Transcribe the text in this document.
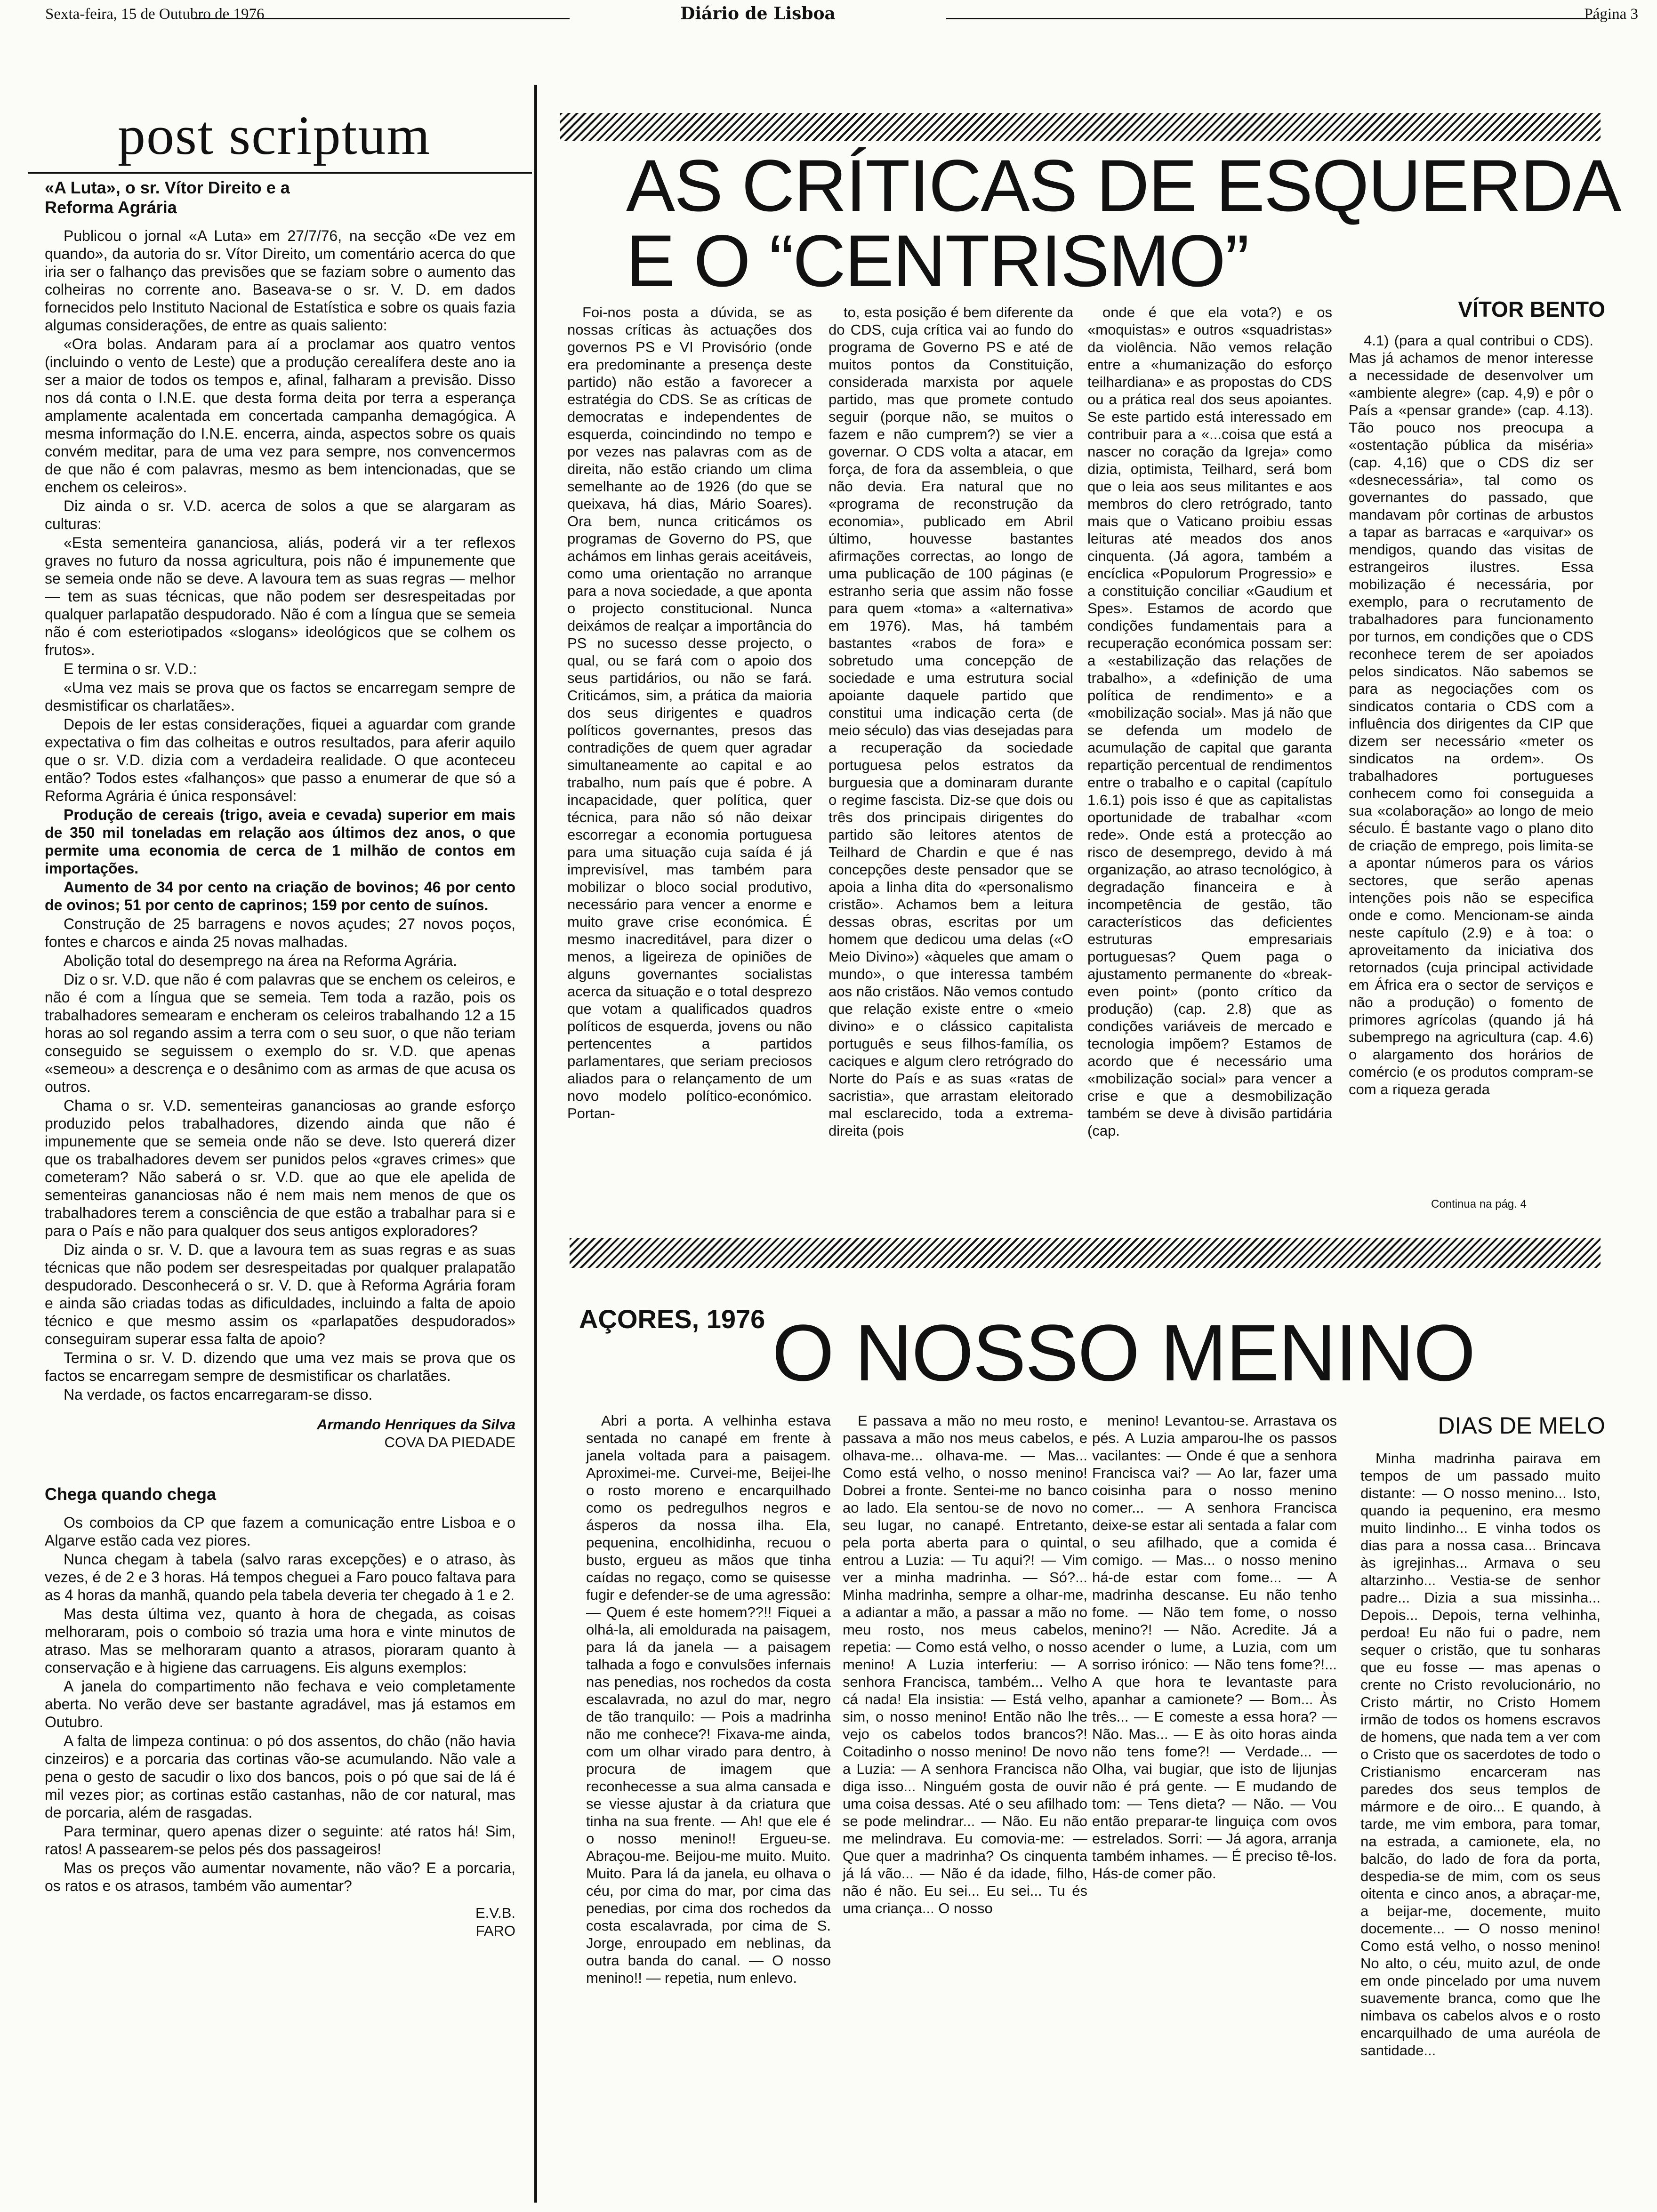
Sexta-feira, 15 de Outubro de 1976	Diário de Lisboa	Página 3
post scriptum
«A Luta», o sr. Vítor Direito e a Reforma Agrária

Publicou o jornal «A Luta» em 27/7/76, na secção «De vez em quando», da autoria do sr. Vítor Direito, um comentário acerca do que iria ser o falhanço das previsões que se faziam sobre o aumento das colheiras no corrente ano. Baseava-se o sr. V. D. em dados fornecidos pelo Instituto Nacional de Estatística e sobre os quais fazia algumas considerações, de entre as quais saliento:

«Ora bolas. Andaram para aí a proclamar aos quatro ventos (incluindo o vento de Leste) que a produção cerealífera deste ano ia ser a maior de todos os tempos e, afinal, falharam a previsão. Disso nos dá conta o I.N.E. que desta forma deita por terra a esperança amplamente acalentada em concertada campanha demagógica. A mesma informação do I.N.E. encerra, ainda, aspectos sobre os quais convém meditar, para de uma vez para sempre, nos convencermos de que não é com palavras, mesmo as bem intencionadas, que se enchem os celeiros».

Diz ainda o sr. V.D. acerca de solos a que se alargaram as culturas:

«Esta sementeira gananciosa, aliás, poderá vir a ter reflexos graves no futuro da nossa agricultura, pois não é impunemente que se semeia onde não se deve. A lavoura tem as suas regras — melhor — tem as suas técnicas, que não podem ser desrespeitadas por qualquer parlapatão despudorado. Não é com a língua que se semeia não é com esteriotipados «slogans» ideológicos que se colhem os frutos».

E termina o sr. V.D.:

«Uma vez mais se prova que os factos se encarregam sempre de desmistificar os charlatães».

Depois de ler estas considerações, fiquei a aguardar com grande expectativa o fim das colheitas e outros resultados, para aferir aquilo que o sr. V.D. dizia com a verdadeira realidade. O que aconteceu então? Todos estes «falhanços» que passo a enumerar de que só a Reforma Agrária é única responsável:

Produção de cereais (trigo, aveia e cevada) superior em mais de 350 mil toneladas em relação aos últimos dez anos, o que permite uma economia de cerca de 1 milhão de contos em importações.

Aumento de 34 por cento na criação de bovinos; 46 por cento de ovinos; 51 por cento de caprinos; 159 por cento de suínos.

Construção de 25 barragens e novos açudes; 27 novos poços, fontes e charcos e ainda 25 novas malhadas.

Abolição total do desemprego na área na Reforma Agrária.

Diz o sr. V.D. que não é com palavras que se enchem os celeiros, e não é com a língua que se semeia. Tem toda a razão, pois os trabalhadores semearam e encheram os celeiros trabalhando 12 a 15 horas ao sol regando assim a terra com o seu suor, o que não teriam conseguido se seguissem o exemplo do sr. V.D. que apenas «semeou» a descrença e o desânimo com as armas de que acusa os outros.

Chama o sr. V.D. sementeiras gananciosas ao grande esforço produzido pelos trabalhadores, dizendo ainda que não é impunemente que se semeia onde não se deve. Isto quererá dizer que os trabalhadores devem ser punidos pelos «graves crimes» que cometeram? Não saberá o sr. V.D. que ao que ele apelida de sementeiras gananciosas não é nem mais nem menos de que os trabalhadores terem a consciência de que estão a trabalhar para si e para o País e não para qualquer dos seus antigos exploradores?

Diz ainda o sr. V. D. que a lavoura tem as suas regras e as suas técnicas que não podem ser desrespeitadas por qualquer pralapatão despudorado. Desconhecerá o sr. V. D. que à Reforma Agrária foram e ainda são criadas todas as dificuldades, incluindo a falta de apoio técnico e que mesmo assim os «parlapatões despudorados» conseguiram superar essa falta de apoio?

Termina o sr. V. D. dizendo que uma vez mais se prova que os factos se encarregam sempre de desmistificar os charlatães.

Na verdade, os factos encarregaram-se disso.

Armando Henriques da Silva
COVA DA PIEDADE
Chega quando chega

Os comboios da CP que fazem a comunicação entre Lisboa e o Algarve estão cada vez piores.

Nunca chegam à tabela (salvo raras excepções) e o atraso, às vezes, é de 2 e 3 horas. Há tempos cheguei a Faro pouco faltava para as 4 horas da manhã, quando pela tabela deveria ter chegado à 1 e 2.

Mas desta última vez, quanto à hora de chegada, as coisas melhoraram, pois o comboio só trazia uma hora e vinte minutos de atraso. Mas se melhoraram quanto a atrasos, pioraram quanto à conservação e à higiene das carruagens. Eis alguns exemplos:

A janela do compartimento não fechava e veio completamente aberta. No verão deve ser bastante agradável, mas já estamos em Outubro.

A falta de limpeza continua: o pó dos assentos, do chão (não havia cinzeiros) e a porcaria das cortinas vão-se acumulando. Não vale a pena o gesto de sacudir o lixo dos bancos, pois o pó que sai de lá é mil vezes pior; as cortinas estão castanhas, não de cor natural, mas de porcaria, além de rasgadas.

Para terminar, quero apenas dizer o seguinte: até ratos há! Sim, ratos! A passearem-se pelos pés dos passageiros!

Mas os preços vão aumentar novamente, não vão? E a porcaria, os ratos e os atrasos, também vão aumentar?

E.V.B.
FARO
AS CRÍTICAS DE ESQUERDA
E O “CENTRISMO”
VÍTOR BENTO

Foi-nos posta a dúvida, se as nossas críticas às actuações dos governos PS e VI Provisório (onde era predominante a presença deste partido) não estão a favorecer a estratégia do CDS. Se as críticas de democratas e independentes de esquerda, coincindindo no tempo e por vezes nas palavras com as de direita, não estão criando um clima semelhante ao de 1926 (do que se queixava, há dias, Mário Soares). Ora bem, nunca criticámos os programas de Governo do PS, que achámos em linhas gerais aceitáveis, como uma orientação no arranque para a nova sociedade, a que aponta o projecto constitucional. Nunca deixámos de realçar a importância do PS no sucesso desse projecto, o qual, ou se fará com o apoio dos seus partidários, ou não se fará. Criticámos, sim, a prática da maioria dos seus dirigentes e quadros políticos governantes, presos das contradições de quem quer agradar simultaneamente ao capital e ao trabalho, num país que é pobre. A incapacidade, quer política, quer técnica, para não só não deixar escorregar a economia portuguesa para uma situação cuja saída é já imprevisível, mas também para mobilizar o bloco social produtivo, necessário para vencer a enorme e muito grave crise económica. É mesmo inacreditável, para dizer o menos, a ligeireza de opiniões de alguns governantes socialistas acerca da situação e o total desprezo que votam a qualificados quadros políticos de esquerda, jovens ou não pertencentes a partidos parlamentares, que seriam preciosos aliados para o relançamento de um novo modelo político-económico. Portan-

to, esta posição é bem diferente da do CDS, cuja crítica vai ao fundo do programa de Governo PS e até de muitos pontos da Constituição, considerada marxista por aquele partido, mas que promete contudo seguir (porque não, se muitos o fazem e não cumprem?) se vier a governar. O CDS volta a atacar, em força, de fora da assembleia, o que não devia. Era natural que no «programa de reconstrução da economia», publicado em Abril último, houvesse bastantes afirmações correctas, ao longo de uma publicação de 100 páginas (e estranho seria que assim não fosse para quem «toma» a «alternativa» em 1976). Mas, há também bastantes «rabos de fora» e sobretudo uma concepção de sociedade e uma estrutura social apoiante daquele partido que constitui uma indicação certa (de meio século) das vias desejadas para a recuperação da sociedade portuguesa pelos estratos da burguesia que a dominaram durante o regime fascista. Diz-se que dois ou três dos principais dirigentes do partido são leitores atentos de Teilhard de Chardin e que é nas concepções deste pensador que se apoia a linha dita do «personalismo cristão». Achamos bem a leitura dessas obras, escritas por um homem que dedicou uma delas («O Meio Divino») «àqueles que amam o mundo», o que interessa também aos não cristãos. Não vemos contudo que relação existe entre o «meio divino» e o clássico capitalista português e seus filhos-família, os caciques e algum clero retrógrado do Norte do País e as suas «ratas de sacristia», que arrastam eleitorado mal esclarecido, toda a extrema-direita (pois

onde é que ela vota?) e os «moquistas» e outros «squadristas» da violência. Não vemos relação entre a «humanização do esforço teilhardiana» e as propostas do CDS ou a prática real dos seus apoiantes. Se este partido está interessado em contribuir para a «...coisa que está a nascer no coração da Igreja» como dizia, optimista, Teilhard, será bom que o leia aos seus militantes e aos membros do clero retrógrado, tanto mais que o Vaticano proibiu essas leituras até meados dos anos cinquenta. (Já agora, também a encíclica «Populorum Progressio» e a constituição conciliar «Gaudium et Spes». Estamos de acordo que condições fundamentais para a recuperação económica possam ser: a «estabilização das relações de trabalho», a «definição de uma política de rendimento» e a «mobilização social». Mas já não que se defenda um modelo de acumulação de capital que garanta repartição percentual de rendimentos entre o trabalho e o capital (capítulo 1.6.1) pois isso é que as capitalistas oportunidade de trabalhar «com rede». Onde está a protecção ao risco de desemprego, devido à má organização, ao atraso tecnológico, à degradação financeira e à incompetência de gestão, tão característicos das deficientes estruturas empresariais portuguesas? Quem paga o ajustamento permanente do «break-even point» (ponto crítico da produção) (cap. 2.8) que as condições variáveis de mercado e tecnologia impõem? Estamos de acordo que é necessário uma «mobilização social» para vencer a crise e que a desmobilização também se deve à divisão partidária (cap.

4.1) (para a qual contribui o CDS). Mas já achamos de menor interesse a necessidade de desenvolver um «ambiente alegre» (cap. 4,9) e pôr o País a «pensar grande» (cap. 4.13). Tão pouco nos preocupa a «ostentação pública da miséria» (cap. 4,16) que o CDS diz ser «desnecessária», tal como os governantes do passado, que mandavam pôr cortinas de arbustos a tapar as barracas e «arquivar» os mendigos, quando das visitas de estrangeiros ilustres. Essa mobilização é necessária, por exemplo, para o recrutamento de trabalhadores para funcionamento por turnos, em condições que o CDS reconhece terem de ser apoiados pelos sindicatos. Não sabemos se para as negociações com os sindicatos contaria o CDS com a influência dos dirigentes da CIP que dizem ser necessário «meter os sindicatos na ordem». Os trabalhadores portugueses conhecem como foi conseguida a sua «colaboração» ao longo de meio século. É bastante vago o plano dito de criação de emprego, pois limita-se a apontar números para os vários sectores, que serão apenas intenções pois não se especifica onde e como. Mencionam-se ainda neste capítulo (2.9) e à toa: o aproveitamento da iniciativa dos retornados (cuja principal actividade em África era o sector de serviços e não a produção) o fomento de primores agrícolas (quando já há subemprego na agricultura (cap. 4.6) o alargamento dos horários de comércio (e os produtos compram-se com a riqueza gerada

Continua na pág. 4
AÇORES, 1976 O NOSSO MENINO
DIAS DE MELO

Abri a porta. A velhinha estava sentada no canapé em frente à janela voltada para a paisagem. Aproximei-me. Curvei-me, Beijei-lhe o rosto moreno e encarquilhado como os pedregulhos negros e ásperos da nossa ilha. Ela, pequenina, encolhidinha, recuou o busto, ergueu as mãos que tinha caídas no regaço, como se quisesse fugir e defender-se de uma agressão: — Quem é este homem??!! Fiquei a olhá-la, ali emoldurada na paisagem, para lá da janela — a paisagem talhada a fogo e convulsões infernais nas penedias, nos rochedos da costa escalavrada, no azul do mar, negro de tão tranquilo: — Pois a madrinha não me conhece?! Fixava-me ainda, com um olhar virado para dentro, à procura de imagem que reconhecesse a sua alma cansada e se viesse ajustar à da criatura que tinha na sua frente. — Ah! que ele é o nosso menino!! Ergueu-se. Abraçou-me. Beijou-me muito. Muito. Muito. Para lá da janela, eu olhava o céu, por cima do mar, por cima das penedias, por cima dos rochedos da costa escalavrada, por cima de S. Jorge, enroupado em neblinas, da outra banda do canal. — O nosso menino!! — repetia, num enlevo.

E passava a mão no meu rosto, e passava a mão nos meus cabelos, e olhava-me... olhava-me. — Mas... Como está velho, o nosso menino! Dobrei a fronte. Sentei-me no banco ao lado. Ela sentou-se de novo no seu lugar, no canapé. Entretanto, pela porta aberta para o quintal, entrou a Luzia: — Tu aqui?! — Vim ver a minha madrinha. — Só?... Minha madrinha, sempre a olhar-me, a adiantar a mão, a passar a mão no meu rosto, nos meus cabelos, repetia: — Como está velho, o nosso menino! A Luzia interferiu: — A senhora Francisca, também... Velho cá nada! Ela insistia: — Está velho, sim, o nosso menino! Então não lhe vejo os cabelos todos brancos?! Coitadinho o nosso menino! De novo a Luzia: — A senhora Francisca não diga isso... Ninguém gosta de ouvir uma coisa dessas. Até o seu afilhado se pode melindrar... — Não. Eu não me melindrava. Eu comovia-me: — Que quer a madrinha? Os cinquenta já lá vão... — Não é da idade, filho, não é não. Eu sei... Eu sei... Tu és uma criança... O nosso

menino! Levantou-se. Arrastava os pés. A Luzia amparou-lhe os passos vacilantes: — Onde é que a senhora Francisca vai? — Ao lar, fazer uma coisinha para o nosso menino comer... — A senhora Francisca deixe-se estar ali sentada a falar com o seu afilhado, que a comida é comigo. — Mas... o nosso menino há-de estar com fome... — A madrinha descanse. Eu não tenho fome. — Não tem fome, o nosso menino?! — Não. Acredite. Já a acender o lume, a Luzia, com um sorriso irónico: — Não tens fome?!... A que hora te levantaste para apanhar a camionete? — Bom... Às três... — E comeste a essa hora? — Não. Mas... — E às oito horas ainda não tens fome?! — Verdade... — Olha, vai bugiar, que isto de lijunjas não é prá gente. — E mudando de tom: — Tens dieta? — Não. — Vou então preparar-te linguiça com ovos estrelados. Sorri: — Já agora, arranja também inhames. — É preciso tê-los. Hás-de comer pão.

Minha madrinha pairava em tempos de um passado muito distante: — O nosso menino... Isto, quando ia pequenino, era mesmo muito lindinho... E vinha todos os dias para a nossa casa... Brincava às igrejinhas... Armava o seu altarzinho... Vestia-se de senhor padre... Dizia a sua missinha... Depois... Depois, terna velhinha, perdoa! Eu não fui o padre, nem sequer o cristão, que tu sonharas que eu fosse — mas apenas o crente no Cristo revolucionário, no Cristo mártir, no Cristo Homem irmão de todos os homens escravos de homens, que nada tem a ver com o Cristo que os sacerdotes de todo o Cristianismo encarceram nas paredes dos seus templos de mármore e de oiro... E quando, à tarde, me vim embora, para tomar, na estrada, a camionete, ela, no balcão, do lado de fora da porta, despedia-se de mim, com os seus oitenta e cinco anos, a abraçar-me, a beijar-me, docemente, muito docemente... — O nosso menino! Como está velho, o nosso menino! No alto, o céu, muito azul, de onde em onde pincelado por uma nuvem suavemente branca, como que lhe nimbava os cabelos alvos e o rosto encarquilhado de uma auréola de santidade...
